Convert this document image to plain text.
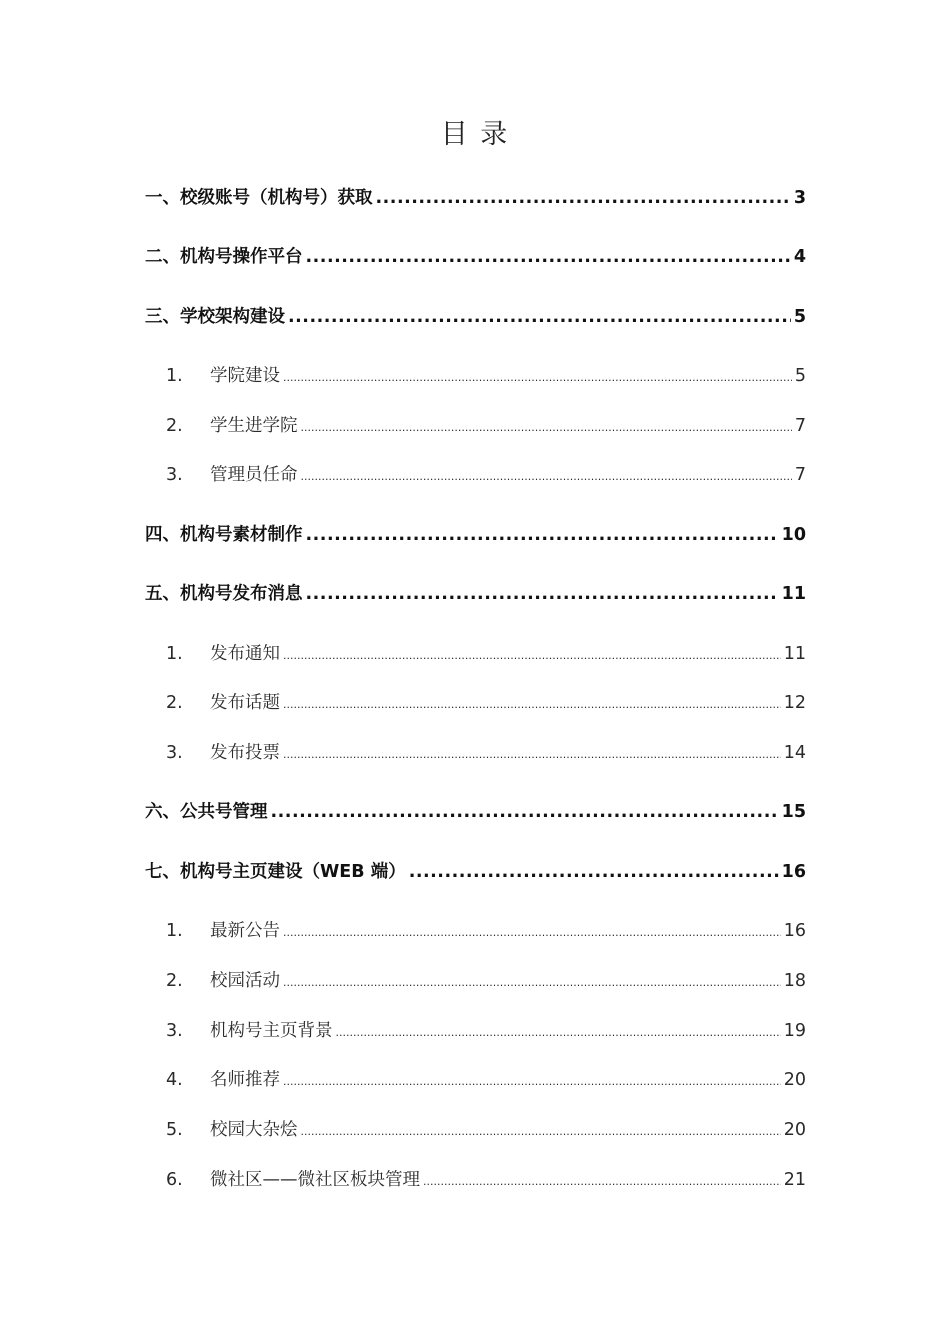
目 录
一、校级账号（机构号）获取 .....	3
二、机构号操作平台 .....	4
三、学校架构建设 .....	5
1.	学院建设 .....	5
2.	学生进学院 .....	7
3.	管理员任命 .....	7
四、机构号素材制作 .....	10
五、机构号发布消息 .....	11
1.	发布通知 .....	11
2.	发布话题 .....	12
3.	发布投票 .....	14
六、公共号管理 .....	15
七、机构号主页建设（WEB 端） .....	16
1.	最新公告 .....	16
2.	校园活动 .....	18
3.	机构号主页背景 .....	19
4.	名师推荐 .....	20
5.	校园大杂烩 .....	20
6.	微社区——微社区板块管理 .....	21
